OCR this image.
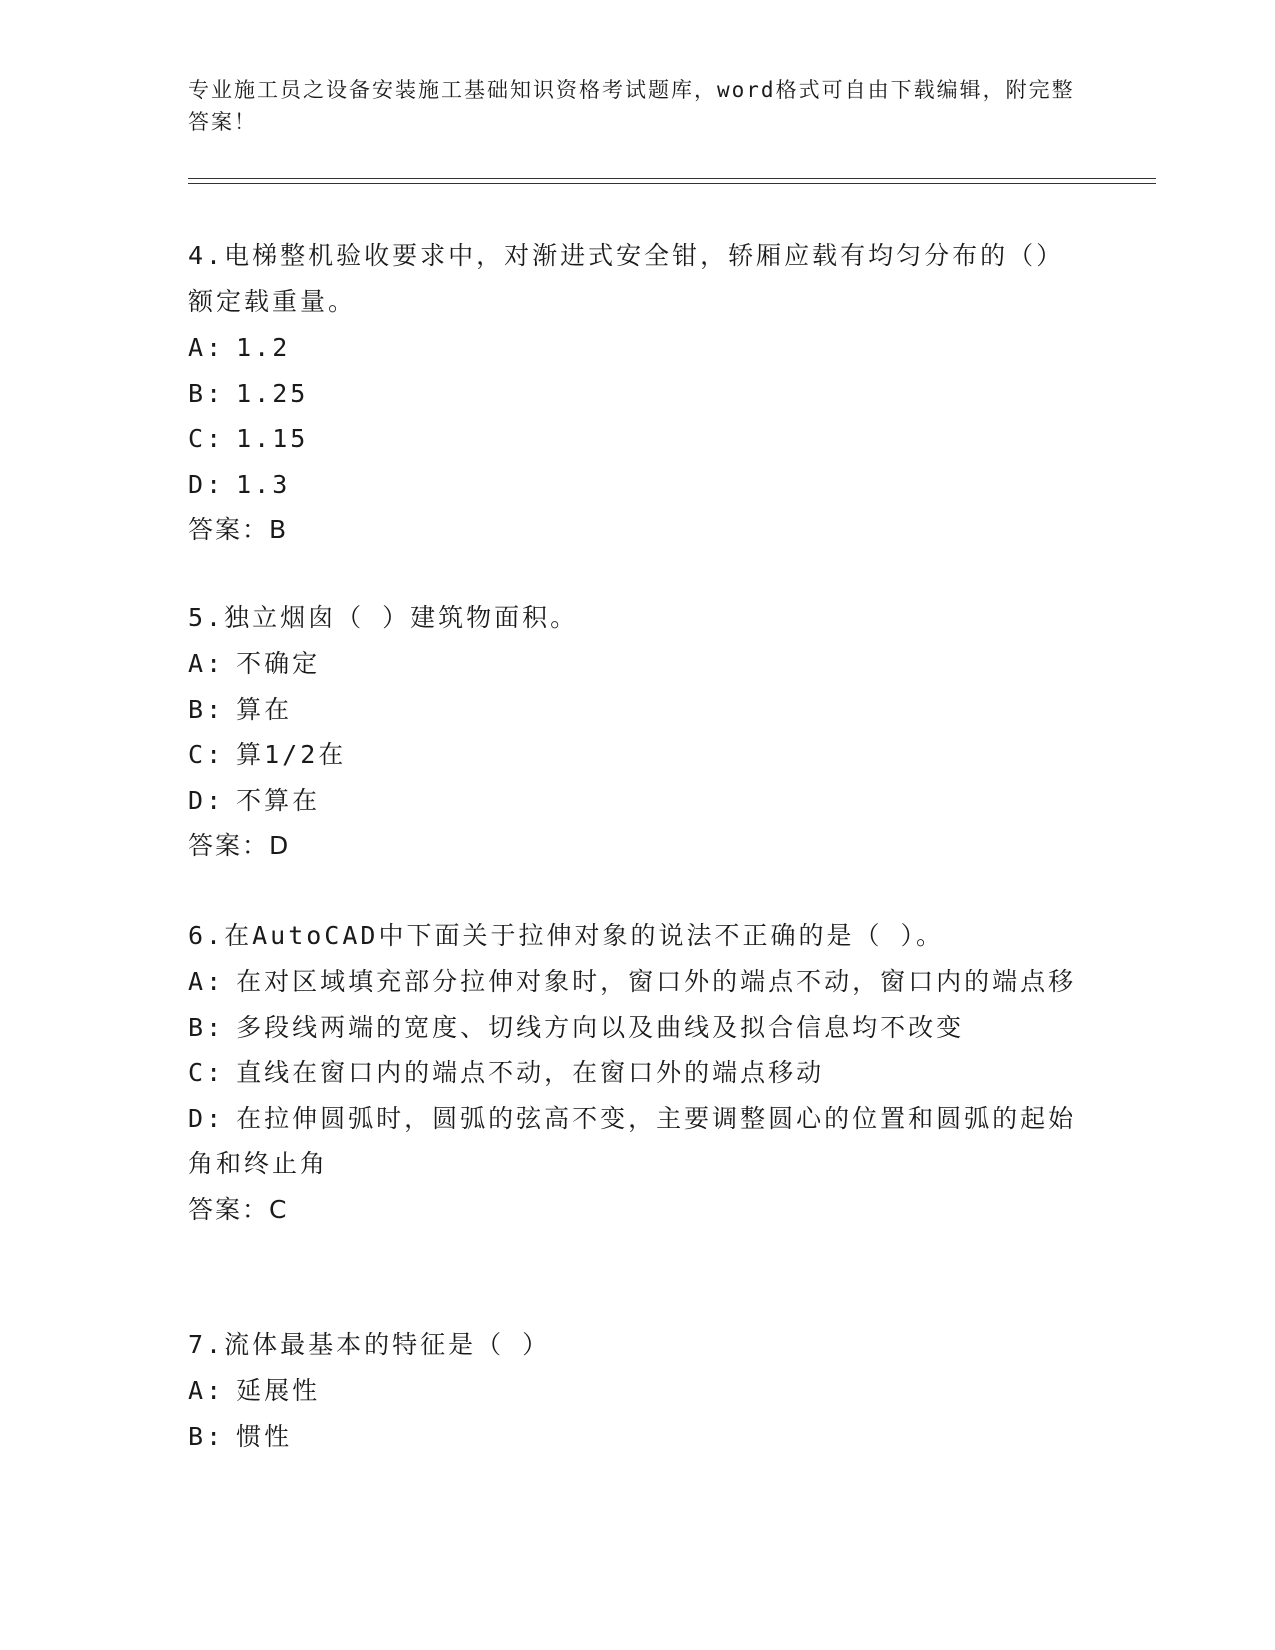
专业施工员之设备安装施工基础知识资格考试题库，word格式可自由下载编辑，附完整答案！

4.电梯整机验收要求中，对渐进式安全钳，轿厢应载有均匀分布的（）额定载重量。

A: 1.2

B: 1.25

C: 1.15

D: 1.3

答案：B

5.独立烟囱（ ）建筑物面积。

A: 不确定

B: 算在

C: 算1/2在

D: 不算在

答案：D

6.在AutoCAD中下面关于拉伸对象的说法不正确的是（ ）。

A: 在对区域填充部分拉伸对象时，窗口外的端点不动，窗口内的端点移

B: 多段线两端的宽度、切线方向以及曲线及拟合信息均不改变

C: 直线在窗口内的端点不动，在窗口外的端点移动

D: 在拉伸圆弧时，圆弧的弦高不变，主要调整圆心的位置和圆弧的起始角和终止角

答案：C

7.流体最基本的特征是（ ）

A: 延展性

B: 惯性
